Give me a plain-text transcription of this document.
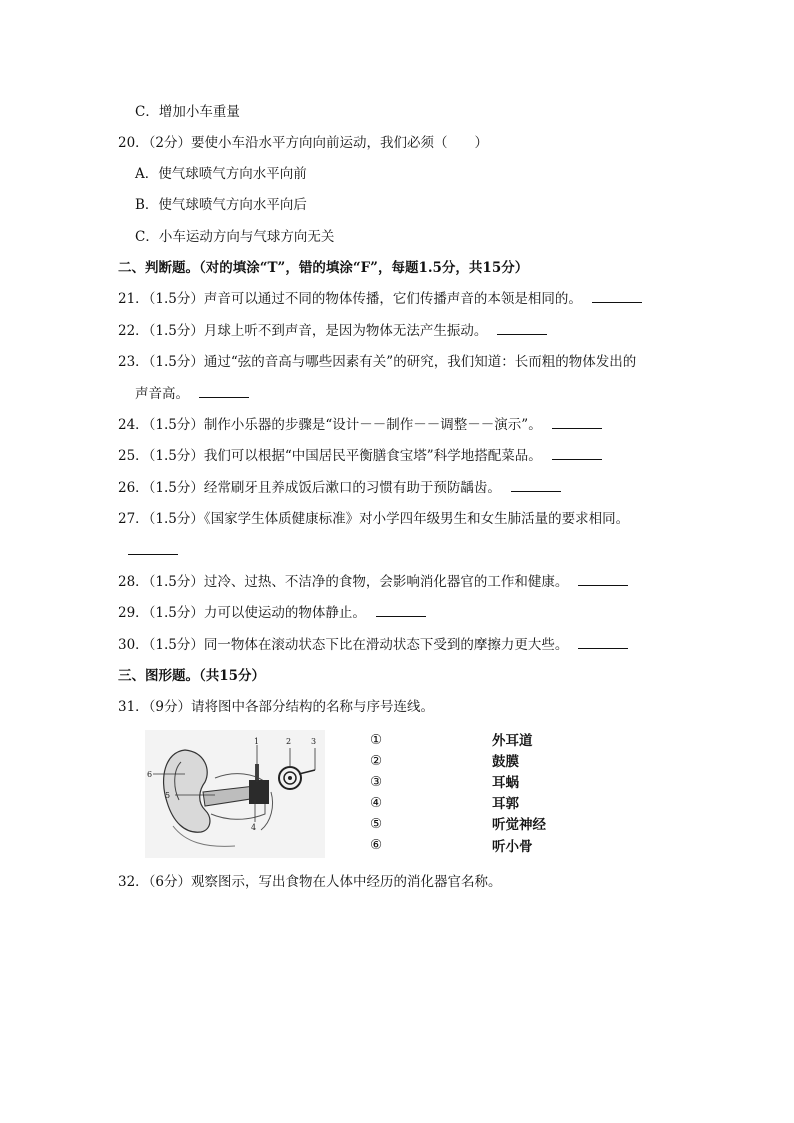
C．增加小车重量
20．（2分）要使小车沿水平方向向前运动，我们必须（　　）
A．使气球喷气方向水平向前
B．使气球喷气方向水平向后
C．小车运动方向与气球方向无关
二、判断题。（对的填涂“T”，错的填涂“F”，每题1.5分，共15分）
21．（1.5分）声音可以通过不同的物体传播，它们传播声音的本领是相同的。
22．（1.5分）月球上听不到声音，是因为物体无法产生振动。
23．（1.5分）通过“弦的音高与哪些因素有关”的研究，我们知道：长而粗的物体发出的
声音高。
24．（1.5分）制作小乐器的步骤是“设计－－制作－－调整－－演示”。
25．（1.5分）我们可以根据“中国居民平衡膳食宝塔”科学地搭配菜品。
26．（1.5分）经常刷牙且养成饭后漱口的习惯有助于预防龋齿。
27．（1.5分）《国家学生体质健康标准》对小学四年级男生和女生肺活量的要求相同。
28．（1.5分）过冷、过热、不洁净的食物，会影响消化器官的工作和健康。
29．（1.5分）力可以使运动的物体静止。
30．（1.5分）同一物体在滚动状态下比在滑动状态下受到的摩擦力更大些。
三、图形题。（共15分）
31．（9分）请将图中各部分结构的名称与序号连线。
1	2 3
4
5
6
①
②
③
④
⑤
⑥
外耳道
鼓膜
耳蜗
耳郭
听觉神经
听小骨
32．（6分）观察图示，写出食物在人体中经历的消化器官名称。
